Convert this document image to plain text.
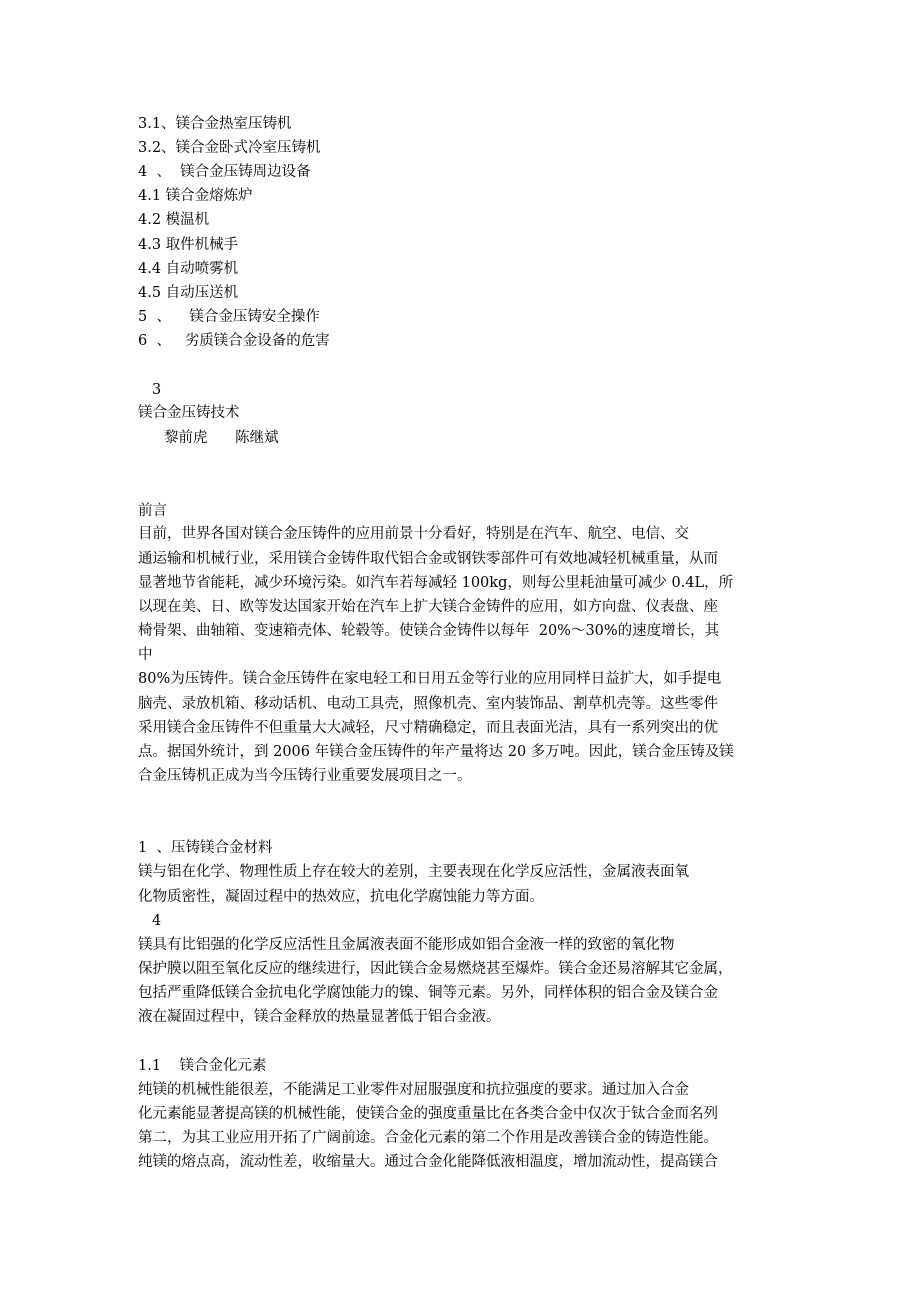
3.1、镁合金热室压铸机

3.2、镁合金卧式冷室压铸机

4  、  镁合金压铸周边设备

4.1 镁合金熔炼炉

4.2 模温机

4.3 取件机械手

4.4 自动喷雾机

4.5 自动压送机

5  、    镁合金压铸安全操作

6  、   劣质镁合金设备的危害

3

镁合金压铸技术

黎前虎      陈继斌

前言

目前，世界各国对镁合金压铸件的应用前景十分看好，特别是在汽车、航空、电信、交

通运输和机械行业，采用镁合金铸件取代铝合金或钢铁零部件可有效地减轻机械重量，从而

显著地节省能耗，减少环境污染。如汽车若每减轻 100kg，则每公里耗油量可减少 0.4L，所

以现在美、日、欧等发达国家开始在汽车上扩大镁合金铸件的应用，如方向盘、仪表盘、座

椅骨架、曲轴箱、变速箱壳体、轮毂等。使镁合金铸件以每年  20%～30%的速度增长，其

中

80%为压铸件。镁合金压铸件在家电轻工和日用五金等行业的应用同样日益扩大，如手提电

脑壳、录放机箱、移动话机、电动工具壳，照像机壳、室内装饰品、割草机壳等。这些零件

采用镁合金压铸件不但重量大大减轻，尺寸精确稳定，而且表面光洁，具有一系列突出的优

点。据国外统计，到 2006 年镁合金压铸件的年产量将达 20 多万吨。因此，镁合金压铸及镁

合金压铸机正成为当今压铸行业重要发展项目之一。

1  、压铸镁合金材料

镁与铝在化学、物理性质上存在较大的差别，主要表现在化学反应活性，金属液表面氧

化物质密性，凝固过程中的热效应，抗电化学腐蚀能力等方面。

4

镁具有比铝强的化学反应活性且金属液表面不能形成如铝合金液一样的致密的氧化物

保护膜以阻至氧化反应的继续进行，因此镁合金易燃烧甚至爆炸。镁合金还易溶解其它金属，

包括严重降低镁合金抗电化学腐蚀能力的镍、铜等元素。另外，同样体积的铝合金及镁合金

液在凝固过程中，镁合金释放的热量显著低于铝合金液。

1.1    镁合金化元素

纯镁的机械性能很差，不能满足工业零件对屈服强度和抗拉强度的要求。通过加入合金

化元素能显著提高镁的机械性能，使镁合金的强度重量比在各类合金中仅次于钛合金而名列

第二，为其工业应用开拓了广阔前途。合金化元素的第二个作用是改善镁合金的铸造性能。

纯镁的熔点高，流动性差，收缩量大。通过合金化能降低液相温度，增加流动性，提高镁合
